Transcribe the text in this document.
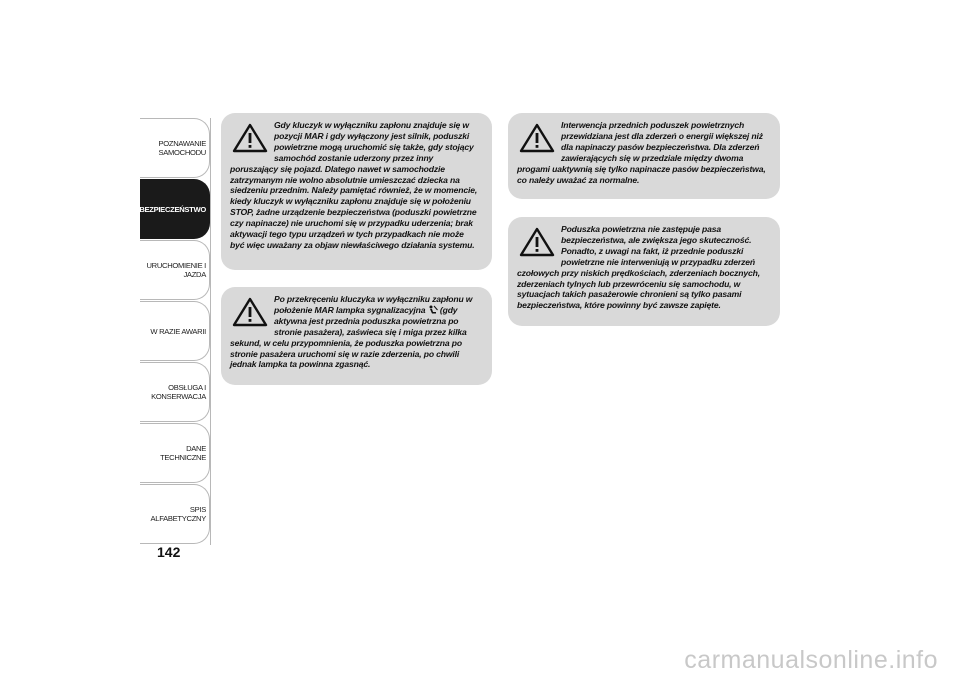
POZNAWANIE
SAMOCHODU
BEZPIECZEŃSTWO
URUCHOMIENIE I
JAZDA
W RAZIE AWARII
OBSŁUGA I
KONSERWACJA
DANE TECHNICZNE
SPIS ALFABETYCZNY
142

Gdy kluczyk w wyłączniku zapłonu znajduje się w pozycji MAR i gdy wyłączony jest silnik, poduszki powietrzne mogą uruchomić się także, gdy stojący samochód zostanie uderzony przez inny poruszający się pojazd. Dlatego nawet w samochodzie zatrzymanym nie wolno absolutnie umieszczać dziecka na siedzeniu przednim. Należy pamiętać również, że w momencie, kiedy kluczyk w wyłączniku zapłonu znajduje się w położeniu STOP, żadne urządzenie bezpieczeństwa (poduszki powietrzne czy napinacze) nie uruchomi się w przypadku uderzenia; brak aktywacji tego typu urządzeń w tych przypadkach nie może być więc uważany za objaw niewłaściwego działania systemu.

Po przekręceniu kluczyka w wyłączniku zapłonu w położenie MAR lampka sygnalizacyjna  (gdy aktywna jest przednia poduszka powietrzna po stronie pasażera), zaświeca się i miga przez kilka sekund, w celu przypomnienia, że poduszka powietrzna po stronie pasażera uruchomi się w razie zderzenia, po chwili jednak lampka ta powinna zgasnąć.

Interwencja przednich poduszek powietrznych przewidziana jest dla zderzeń o energii większej niż dla napinaczy pasów bezpieczeństwa. Dla zderzeń zawierających się w przedziale między dwoma progami uaktywnią się tylko napinacze pasów bezpieczeństwa, co należy uważać za normalne.

Poduszka powietrzna nie zastępuje pasa bezpieczeństwa, ale zwiększa jego skuteczność. Ponadto, z uwagi na fakt, iż przednie poduszki powietrzne nie interweniują w przypadku zderzeń czołowych przy niskich prędkościach, zderzeniach bocznych, zderzeniach tylnych lub przewróceniu się samochodu, w sytuacjach takich pasażerowie chronieni są tylko pasami bezpieczeństwa, które powinny być zawsze zapięte.

carmanualsonline.info
